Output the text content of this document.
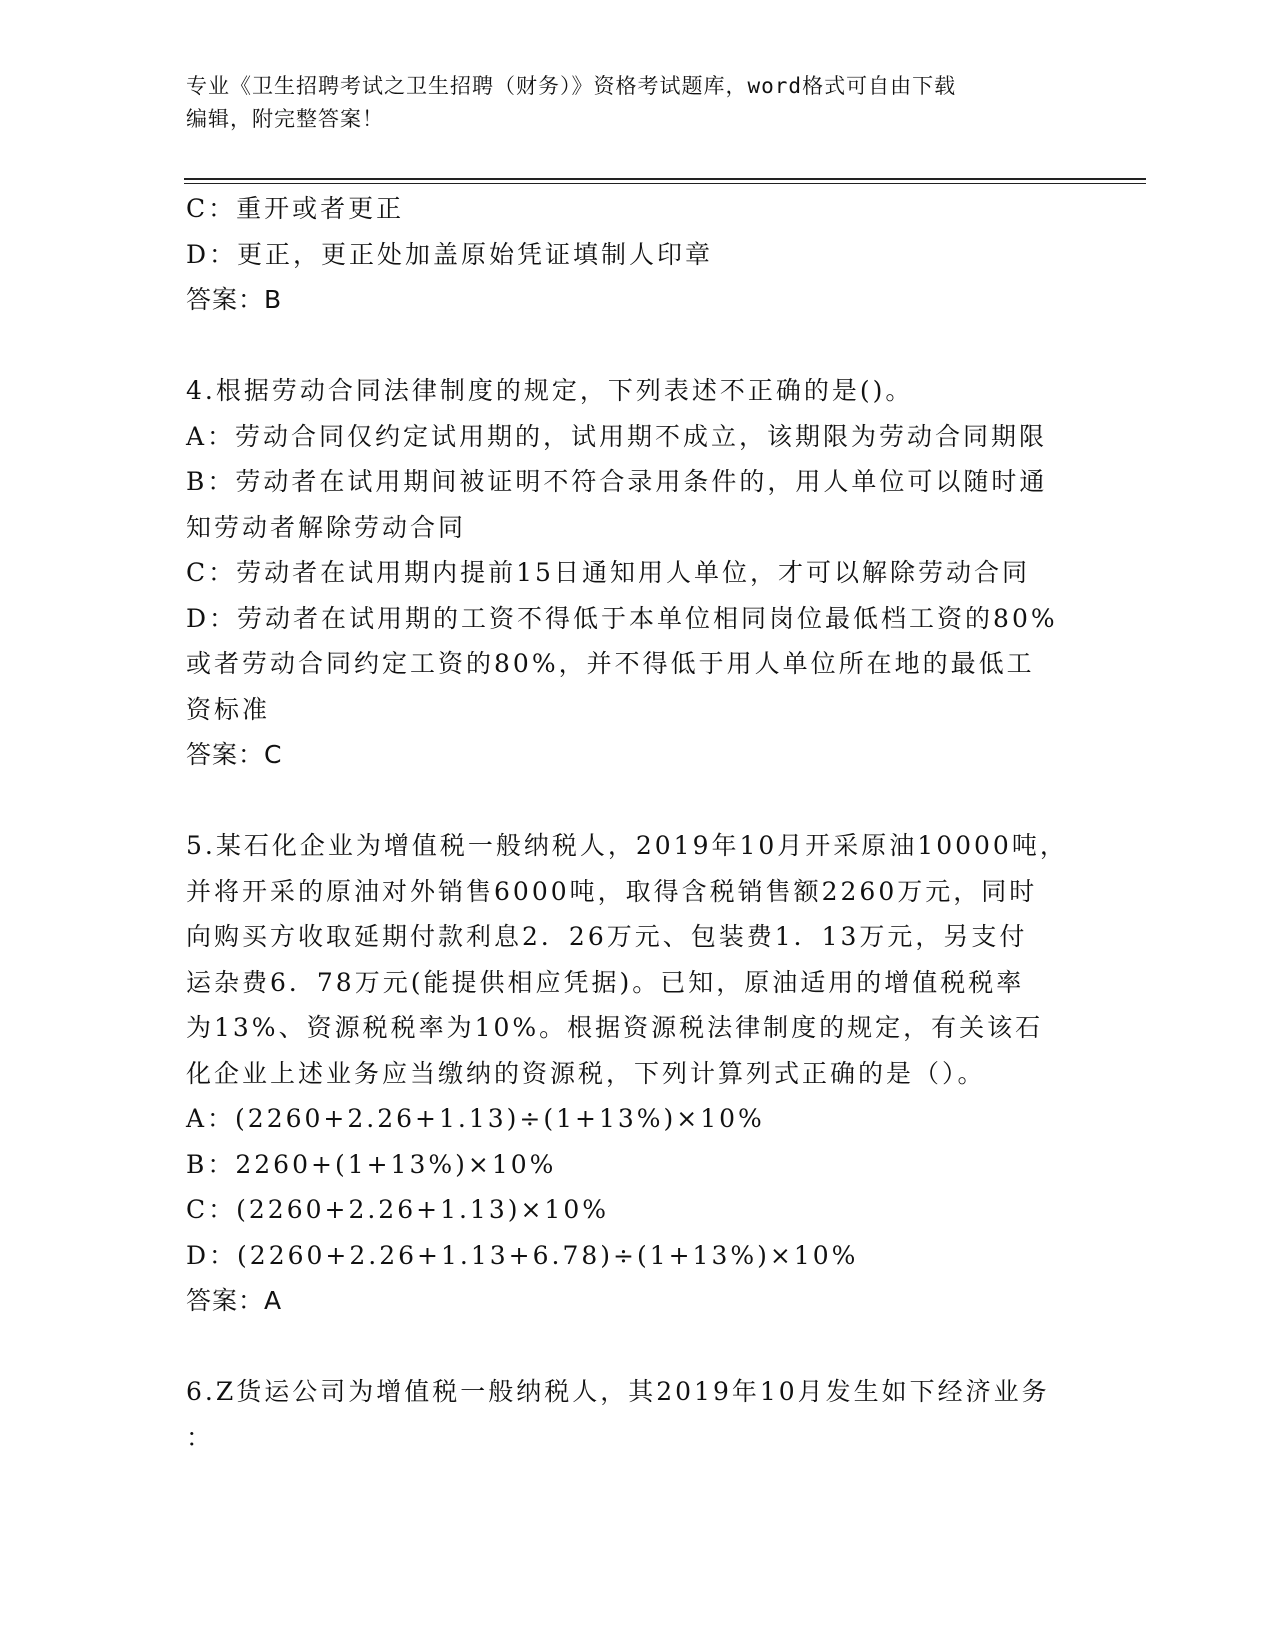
专业《卫生招聘考试之卫生招聘（财务）》资格考试题库，word格式可自由下载
编辑，附完整答案！
C：重开或者更正
D：更正，更正处加盖原始凭证填制人印章
答案：B
4.根据劳动合同法律制度的规定，下列表述不正确的是()。
A：劳动合同仅约定试用期的，试用期不成立，该期限为劳动合同期限
B：劳动者在试用期间被证明不符合录用条件的，用人单位可以随时通
知劳动者解除劳动合同
C：劳动者在试用期内提前15日通知用人单位，才可以解除劳动合同
D：劳动者在试用期的工资不得低于本单位相同岗位最低档工资的80%
或者劳动合同约定工资的80%，并不得低于用人单位所在地的最低工
资标准
答案：C
5.某石化企业为增值税一般纳税人，2019年10月开采原油10000吨，
并将开采的原油对外销售6000吨，取得含税销售额2260万元，同时
向购买方收取延期付款利息2．26万元、包装费1．13万元，另支付
运杂费6．78万元(能提供相应凭据)。已知，原油适用的增值税税率
为13%、资源税税率为10%。根据资源税法律制度的规定，有关该石
化企业上述业务应当缴纳的资源税，下列计算列式正确的是（）。
A：(2260+2.26+1.13)÷(1+13%)×10%
B：2260+(1+13%)×10%
C：(2260+2.26+1.13)×10%
D：(2260+2.26+1.13+6.78)÷(1+13%)×10%
答案：A
6.Z货运公司为增值税一般纳税人，其2019年10月发生如下经济业务
：
